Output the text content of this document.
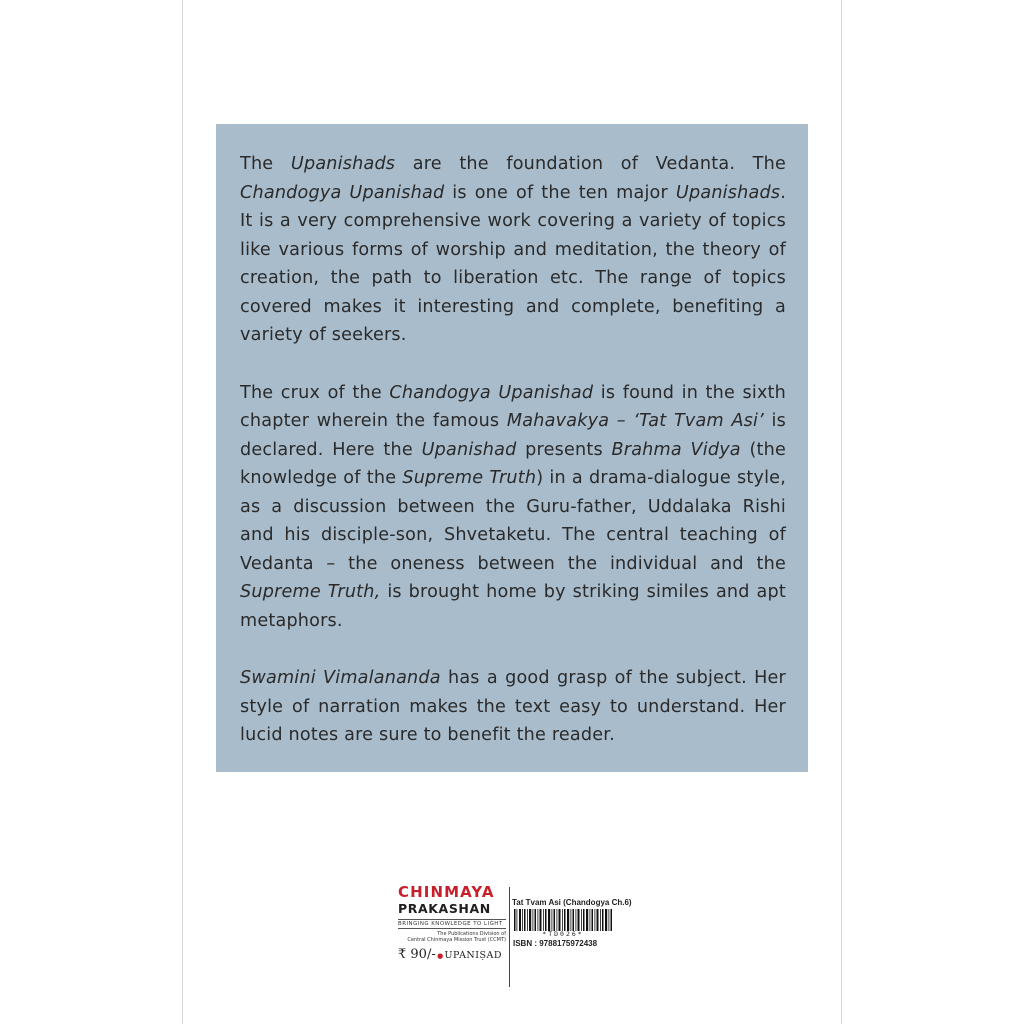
The Upanishads are the foundation of Vedanta. The Chandogya Upanishad is one of the ten major Upanishads. It is a very comprehensive work covering a variety of topics like various forms of worship and meditation, the theory of creation, the path to liberation etc. The range of topics covered makes it interesting and complete, benefiting a variety of seekers.

The crux of the Chandogya Upanishad is found in the sixth chapter wherein the famous Mahavakya – ‘Tat Tvam Asi’ is declared. Here the Upanishad presents Brahma Vidya (the knowledge of the Supreme Truth) in a drama-dialogue style, as a discussion between the Guru-father, Uddalaka Rishi and his disciple-son, Shvetaketu. The central teaching of Vedanta – the oneness between the individual and the Supreme Truth, is brought home by striking similes and apt metaphors.

Swamini Vimalananda has a good grasp of the subject. Her style of narration makes the text easy to understand. Her lucid notes are sure to benefit the reader.

CHINMAYA
PRAKASHAN
BRINGING KNOWLEDGE TO LIGHT
The Publications Division of
Central Chinmaya Mission Trust (CCMT)
₹ 90/- ● UPANIṢAD
Tat Tvam Asi (Chandogya Ch.6)
*TD026*
ISBN : 9788175972438
